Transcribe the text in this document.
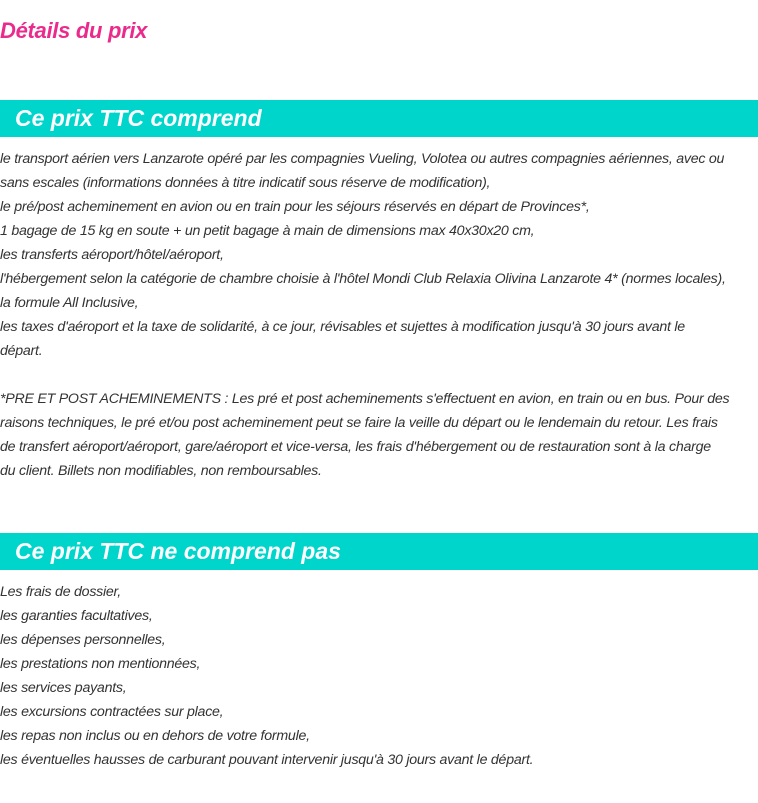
Détails du prix
Ce prix TTC comprend
le transport aérien vers Lanzarote opéré par les compagnies Vueling, Volotea ou autres compagnies aériennes, avec ou
sans escales (informations données à titre indicatif sous réserve de modification),
le pré/post acheminement en avion ou en train pour les séjours réservés en départ de Provinces*,
1 bagage de 15 kg en soute + un petit bagage à main de dimensions max 40x30x20 cm,
les transferts aéroport/hôtel/aéroport,
l'hébergement selon la catégorie de chambre choisie à l'hôtel Mondi Club Relaxia Olivina Lanzarote 4* (normes locales),
la formule All Inclusive,
les taxes d'aéroport et la taxe de solidarité, à ce jour, révisables et sujettes à modification jusqu'à 30 jours avant le
départ.
*PRE ET POST ACHEMINEMENTS : Les pré et post acheminements s'effectuent en avion, en train ou en bus. Pour des
raisons techniques, le pré et/ou post acheminement peut se faire la veille du départ ou le lendemain du retour. Les frais
de transfert aéroport/aéroport, gare/aéroport et vice-versa, les frais d'hébergement ou de restauration sont à la charge
du client. Billets non modifiables, non remboursables.
Ce prix TTC ne comprend pas
Les frais de dossier,
les garanties facultatives,
les dépenses personnelles,
les prestations non mentionnées,
les services payants,
les excursions contractées sur place,
les repas non inclus ou en dehors de votre formule,
les éventuelles hausses de carburant pouvant intervenir jusqu'à 30 jours avant le départ.
